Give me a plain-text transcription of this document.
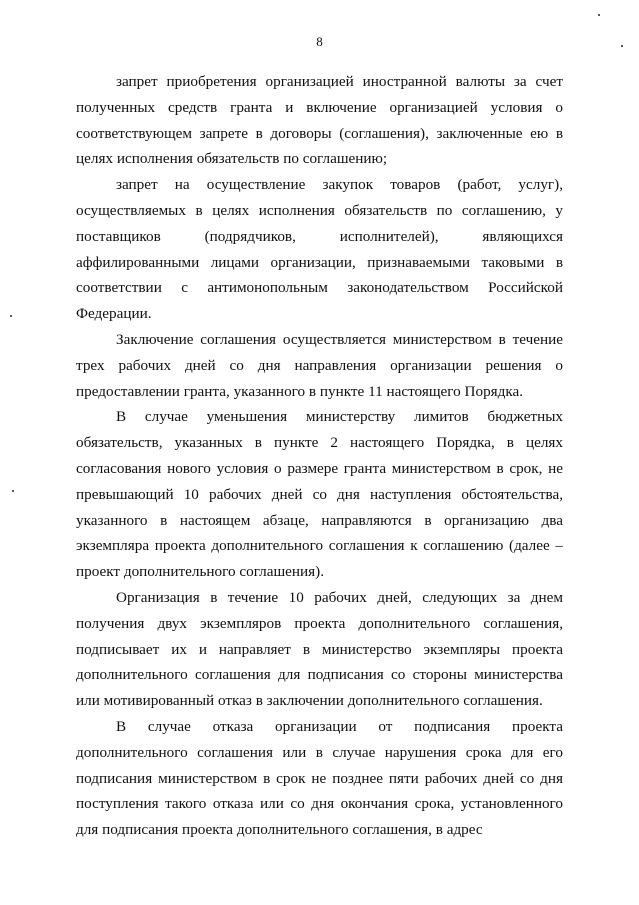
8

запрет приобретения организацией иностранной валюты за счет полученных средств гранта и включение организацией условия о соответствующем запрете в договоры (соглашения), заключенные ею в целях исполнения обязательств по соглашению;

запрет на осуществление закупок товаров (работ, услуг), осуществляемых в целях исполнения обязательств по соглашению, у поставщиков (подрядчиков, исполнителей), являющихся аффилированными лицами организации, признаваемыми таковыми в соответствии с антимонопольным законодательством Российской Федерации.

Заключение соглашения осуществляется министерством в течение трех рабочих дней со дня направления организации решения о предоставлении гранта, указанного в пункте 11 настоящего Порядка.

В случае уменьшения министерству лимитов бюджетных обязательств, указанных в пункте 2 настоящего Порядка, в целях согласования нового условия о размере гранта министерством в срок, не превышающий 10 рабочих дней со дня наступления обстоятельства, указанного в настоящем абзаце, направляются в организацию два экземпляра проекта дополнительного соглашения к соглашению (далее – проект дополнительного соглашения).

Организация в течение 10 рабочих дней, следующих за днем получения двух экземпляров проекта дополнительного соглашения, подписывает их и направляет в министерство экземпляры проекта дополнительного соглашения для подписания со стороны министерства или мотивированный отказ в заключении дополнительного соглашения.

В случае отказа организации от подписания проекта дополнительного соглашения или в случае нарушения срока для его подписания министерством в срок не позднее пяти рабочих дней со дня поступления такого отказа или со дня окончания срока, установленного для подписания проекта дополнительного соглашения, в адрес
